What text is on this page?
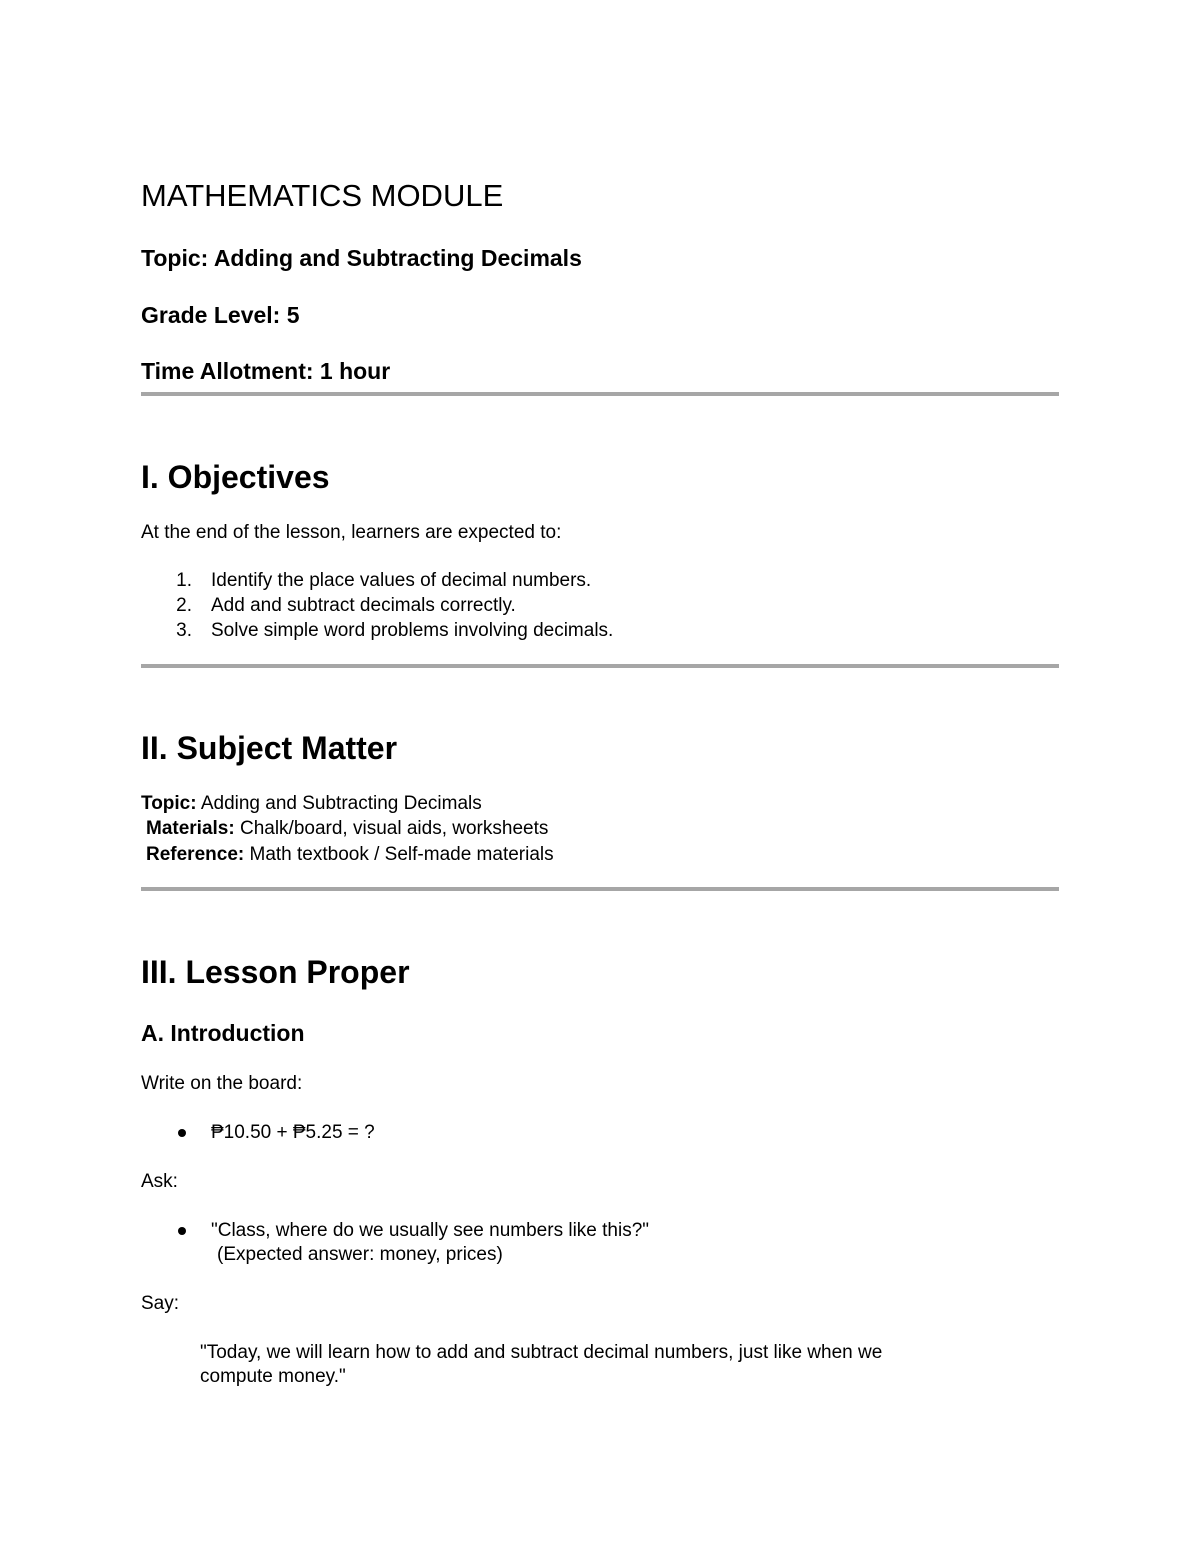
MATHEMATICS MODULE
Topic: Adding and Subtracting Decimals
Grade Level: 5
Time Allotment: 1 hour
I. Objectives
At the end of the lesson, learners are expected to:
1. Identify the place values of decimal numbers.
2. Add and subtract decimals correctly.
3. Solve simple word problems involving decimals.
II. Subject Matter
Topic: Adding and Subtracting Decimals
Materials: Chalk/board, visual aids, worksheets
Reference: Math textbook / Self-made materials
III. Lesson Proper
A. Introduction
Write on the board:
₱10.50 + ₱5.25 = ?
Ask:
"Class, where do we usually see numbers like this?"
(Expected answer: money, prices)
Say:
"Today, we will learn how to add and subtract decimal numbers, just like when we
compute money."
